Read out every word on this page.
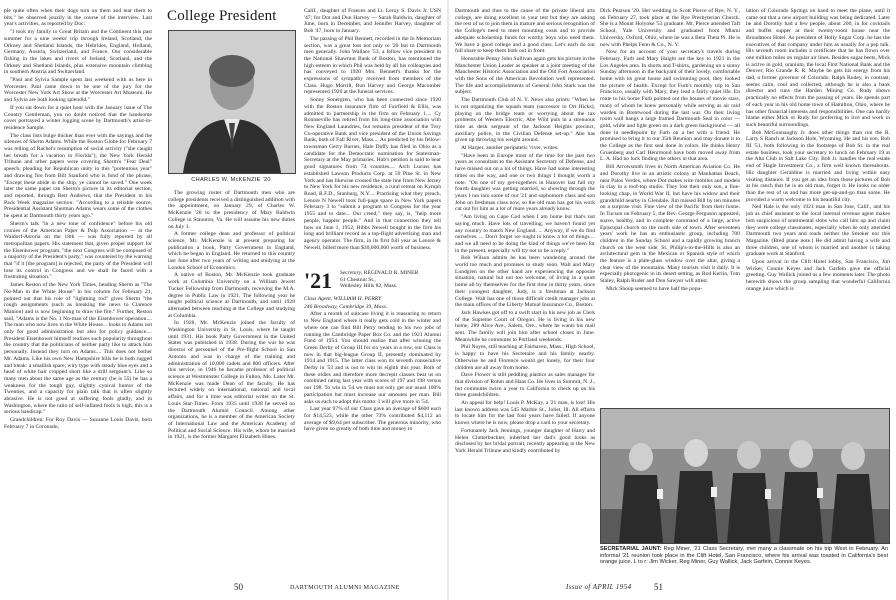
ple quite often when their dogs turn on them and tear them to bits," he observed jouzily in the course of the interview. Last year's activities, as reported by Doc:

"I took my family to Great Britain and the Continent this past summer for a nine weeks' trip through Ireland, Scotland, the Orkney and Shetland Islands, the Hebrides, England, Holland, Germany, Austria, Switzerland, and France. Our considerable fishing in the lakes and rivers of Ireland, Scotland, and the Orkney and Shetland Islands, plus extensive mountain climbing in southern Austria and Switzerland.

"Paul and Sylvia Sample spent last weekend with us here in Worcester. Paul came down to be one of the jury for the Worcester New York Art Show at the Worcester Art Museum. He and Sylvia are both looking splendid."

If you sat down for a quiet hour with the January issue of The Country Gentleman, you no doubt noticed that the handsome cover portrayed a winter logging scene by Dartmouth's artist-in-residence Sample.

The class lists bulge thicker than ever with the sayings and the silences of Sherm Adams. While the Boston Globe for February 7 was telling of Rachel's resumption of social activity ("she caught her breath for a vacation in Florida"), the New York Herald Tribune and other papers were covering Sherm's "Fear Deal" speech, pleading for Republican unity in this "portentous year" and drawing fire from Bill Stanford who is fond of the phrase, "Except these abide in the ship, ye cannot be saved." One week later the same paper ran Sherm's picture in its editorial section, and reported, through Bert Andrews, that the President in his Pack Week magazine section: "According to a reliable source, Presidential Assistant Sherman Adams wears some of the clothes he spent at Dartmouth thirty years ago."

Sherm's talk "in a new tone of confidence" before his old cronies of the American Paper & Pulp Association — at the Waldorf-Astoria on the 18th — was fully reported by all metropolitan papers. His statement that, given proper support for the Eisenhower program, "the next Congress will be composed of a majority of the President's party," was countered by the warning that "if it [the program] is rejected, the party of the President will lose its control in Congress and we shall be faced with a frustrating situation."

James Reston of the New York Times, heading Sherm as "The No-Man in the White House" in his column for February 21, pointed out that his role of "lightning rod" gives Sherm "the rough assignments (such as breaking the news to Clarence Manion) and is now beginning to draw the fire." Further, Reston said, "Adams is the No. 1 No-man of the Eisenhower operation.... The man who now lives in the White House... looks to Adams not only for good administration but also for policy guidance.... President Eisenhower himself realizes such popularity throughout the country that the politicians of neither party like to attack him personally. Instead they turn on Adams.... This does not bother Mr. Adams. Like his own New Hampshire hills he is both rugged and bleak: a smallish spare, wiry type with steady blue eyes and a head of white hair cropped short like a drill sergeant's. Like so many men about the same age as the century (he is 55) he has a weakness for the tough guy, slightly cynical humor of the Twenties, and a capacity for plain talk that is often slightly abrasive. He is not good at suffering fools gladly, and in Washington, where the ratio of self-inflated fools is high, this is a serious handicap."

Grandchildren: For Roy Davis — Suzanne Louis Davis, born February 7 in Coronado,

College President
CHARLES W. McKENZIE '20

The growing roster of Dartmouth men who are college presidents received a distinguished addition with the appointment, on January 29, of Charles W. McKenzie '20 to the presidency of Mary Baldwin College in Staunton, Va. He will assume his new duties on July 1.

A former college dean and professor of political science, Mr. McKenzie is at present preparing for publication a book, Party Government in England, which he began in England. He returned to this country last June after two years of writing and studying at the London School of Economics.

A native of Boston, Mr. McKenzie took graduate work at Columbia University on a William Jewett Tucker Fellowship from Dartmouth, receiving the M.A. degree in Public Law in 1921. The following year he taught political science at Dartmouth, and until 1928 alternated between teaching at the College and studying at Columbia.

In 1928, Mr. McKenzie joined the faculty of Washington University in St. Louis, where he taught until 1931. His book Party Government in the United States was published in 1938. During the war he was director of personnel of the Pre-flight School in San Antonio and was in charge of the training and administration of 10,000 cadets and 800 officers. After this service, in 1946 he became professor of political science at Westminster College in Fulton, Mo. Later Mr. McKenzie was made Dean of the faculty. He has lectured widely on international, national and local affairs, and for a time was editorial writer on the St. Louis Star-Times. From 1935 until 1938 he served on the Dartmouth Alumni Council. Among other organizations, he is a member of the American Society of International Law and the American Academy of Political and Social Science. His wife, whom he married in 1921, is the former Margaret Elizabeth Hines.

Calif., daughter of Frances and Lt. Leroy S. Davis Jr. USN '47; for Dot and Dun Harvey — Sarah Baldwin, daughter of June, born in December, and Jennifer Harvey, daughter of Bob '47, born in January.

The passing of Phil Bennett, recorded in the In Memoriam section, was a great loss not only to '20 but to Dartmouth men generally. John Wallace '53, a fellow vice president in the National Shawmut Bank of Boston, has mentioned the high esteem in which Phil was held by all his colleagues and has conveyed to 1920 Mrs. Bennett's thanks for the expressions of sympathy received from members of the Class. Hugo Morrill, Bun Harvey and George Macomber represented 1920 at the funeral services.

Sonny Sonergren, who has been connected since 1920 with the Boston insurance firm of Fairfield & Ellis, was admitted to partnership in the firm on February 1.... Cy Rounseville has retired from his long-time association with New England Laundries, but remains president of the Troy Co-operative Bank and vice president of the Union Savings Bank, both of Fall River, Mass.... As predicted by his fellow-townsman Gerry Barnes, Hale Duffy has filed in Ohio as a candidate for the Democratic nomination for Statesman-Secretary at the May primaries. Hub's petition is said to bear good signatures from 74 counties.... Arch Lucuss has established Lawson Products Corp. at 59 Pine St. in New York and has likewise crossed the state line from New Jersey to New York for his new residence, a rural retreat on Kymph Road, R.F.D., Stanburg, N.Y.... Practising what they preach, Lenore N Newell took full-page space in New York papers February 3 to "submit a program to Congress for the year 1955 and to date... Our creed," they say, is, "help more people, happier people." And in that connection they tell how on June 1, 1952, Hibbs Newell bought in the firm his long and brilliant record as a top-flight advertising man and agency operator. The firm, in its first full year as Lenore & Newell, billed more than $30,000,000 worth of business.

'21 Secretary, REGINALD R. MINER
61 Chestnut St.,
Wellesley Hills 82, Mass.

Class Agent, WILLIAM H. PERRY

246 Broadway, Cambridge 39, Mass.

After a month of suitcase living it is reassuring to return to New England where it really gets cold in the winter and where one can find Bill Perry tending to his two jobs of running the Cambridge Paper Box Co. and the 1921 Alumni Fund of 1954. You should realize that after winning the Green Derby of Group III for six years in a row, our Class is now in that big-league Group II, presently dominated by 1914 and 1915. The latter class won its seventh consecutive Derby in '53 and is out to win its eighth this year. Both of these oldies and therefore more decrepit classes beat us on combined rating last year with scores of 197 and 198 versus our 198. To win in '54 we must not only get our usual 100% participation but must increase our amounts per man. Bill asks us each to adopt this motto: I will give more in '54.

Last year 97% of our Class gave an average of $600 each for $14,523, while the other 73% contributed $4,112 an average of $9,64 per subscriber. The generous minority, who have given so greatly of both time and money to

50	DARTMOUTH ALUMNI MAGAZINE

Dartmouth and thus to the cause of the private liberal arts college, are doing excellent in your test but they are asking the rest of us to join them in mature and serious recognition of the College's need to meet mounting costs and to provide adequate scholarship funds for worthy boys who need them. We have a good college and a good class. Let's each do our full share to keep them both out in front.

Honorable Penny John Sullivan again gets his picture in the Manchester Union Leader as speaker at a joint meeting of the Manchester Historic Association and the Old Fort Association with the Sons of the American Revolution well represented. The life and accomplishments of General John Stark was the subject.

The Dartmouth Club of N. Y. News also prints: "When he is not organizing the squash team (successor to Ort Hicks), playing on the bridge team or worrying about the tax problems of Western Electric, Abe Wild puts in a strenuous time as desk sergeant of the Jackson Heights precinct, auxiliary police, in the Civilian Defense set-up." Abe has given up throwing his weight around.

Al Harper, another peripatetic 'river, writes:

"Have been in Europe most of the time for the past two years as consultant to the Assistant Secretary of Defense, and have missed out on a lot of things. Have had some interesting times on the way, and one or two things I thought worth a note. "On one of my get-togethers in Hanover last fall my fourth daughter was getting married, so showing through the years I ran into some of our '21 and sophomore class and son John on freshman class now, so the old man has got his work cut out for him as a lot of more years already know.

"Am living on Cape Cod when I am home but that's not saying much. Have lots of travelling, we haven't found yet any country to match New England. ... Anyway, if we do find ourselves. ... Don't forget we ought to know a lot of things.... and we all need to be doing the kind of things we've been for in the present, especially will try not to be a reply."

Bob Wilson admits he has been wandering around the world too much and promises to study soon. Walt and Mary Lundgren on the other hand are experiencing the opposite situation, natural but not too welcome, of living in a quiet home all by themselves for the first time in thirty years, since their youngest daughter, Judy, is a freshman at Jackson College. Walt has one of those difficult credit manager jobs at the main offices of the Liberty Mutual Insurance Co., Boston.

Jack Hawkes got off to a swift start in his new job as Clerk of the Supreme Court of Oregon. He is living in his new home, 289 Alice Ave., Salem, Ore., where he wants his mail sent. The family will join him after school closes in June. Meanwhile he commutes to Portland weekends.

Phil Noyes, still teaching at Fairhaven, Mass., High School, is happy to have his Secretaire and his family nearby. Otherwise he and Florence would get lonely, for their four children are all away from home.

Dave Flower is still peddling plastics as sales manager for that division of Rohm and Haas Co. He lives in Summit, N. J., but commutes twice a year to California to check up on his three grandchildren.

An appeal for help! Louis P. McKay, a '21 man, is lost! His last known address was 545 Marble St., Joliet, Ill. All efforts to locate him for the last four years have failed. If anyone knows where he is now, please drop a card to your secretary.

Fortunately Jack Jennings, younger daughter of Harry and Helen Clutterbuckter, inherited her dad's good looks as disclosed by her bridal portrait, recently appearing in the New York Herald Tribune and kindly contributed by

Dick Pearson '20. Her wedding to Scott Pierce of Rye, N. Y., on February 27, took place at the Rye Presbyterian Church. She is a Mount Holyoke '53 graduate. Mr. Pierce attended Taft School, Yale University and graduated from Miami University, Oxford, Ohio, where he was a Beta Theta Pi. He is now with Phelps Fenn & Co., N. Y.

Now for an account of your secretary's travels during February. Furb and Mary Haight are the key to 1921 in the Los Angeles area. In shorts and T-shirts, gardening on a sunny Sunday afternoon in the backyard of their lovely, comfortable home with its great house and swimming pool, they looked the picture of health. Except for Furb's monthly trip to San Francisco, usually with Mary, they lead a fairly quiet life. En route to his home Furb pointed out the houses of movie stars, many of whom he knew personally while serving as air raid warden in Brentwood during the last war. On their living room wall hangs a large framed Dartmouth Seal in color — gold, white and light green on a dark green background — all done in needlepoint by Furb on a bet with a friend. He promised to bring it to our 35th Reunion and may donate it to the College as the first seal done in colors. He thinks Henry Gruenberg and Carl Henrmond have both moved away from L. A. Had no luck finding the others in that area.

Bill Arrowsmith lives in North American Aviation Co. He and Dorothy live in an artistic colony at Manhattan Beach, near Palos Verdes, where Dot makes wire mobiles and models in clay in a roof-top studio. They lost their only son, a fine-looking chap, in World War II, but have his widow and their grandchild nearby in Glendale. Jim missed Bill by ten minutes on a surprise visit. Fine view of the Pacific from their home. In Tucson on February 5, the Rev. George Ferguson appeared, suave, healthy, and in complete command of a large, active Episcopal church on the north side of town. After seventeen years' work he has an enthusiastic group, including 700 children in the Sunday School and a rapidly growing branch church on the west side. St. Philip's-in-the-Hills is also an architectural gem in the Mexican or Spanish style of which the feature is a plate-glass window over the altar, giving a clear view of the mountains. Many tourists visit it daily. It is especially photogenic in its desert setting, as Rod Kerlin, Tom Staley, Ralph Ruder and Don Sawyer will attest.

Mick Shoup seemed to have half the popu-

lation of Colorado Springs on hand to meet the plane, until it came out that a new airport building was being dedicated. Later he and Dorothy had a few people, about 200, in for cocktails and buffet supper at their twenty-room house near the Broadmoor Hotel. As president of Holly Sugar Corp. he has the executives of that company under him as usually for a pep talk. His seventh room includes a certificate that he has flown over one million miles on regular air lines. Besides sugar beets, Mick is active in gold, uranium, the local First National Bank and the Denver, Rio Grande R. R. Maybe he gets his energy from his dad, a former governor of Colorado. Ralph Rudey, in contrast, seems calm, cool and collected, although he is also a bank director and runs the Harden Mining Co. Rudy shows practically no effects from the passing of years. He spends part of each year in his old home town of Hamilton, Ohio, where he has other financial interests and responsibilities. One can hardly blame either Mick or Rudy for preferring to live and work in such beautiful surroundings.

Bob McGonnaughy Jr. does other things than run the R. Larry S Ranch at Jackson Hole, Wyoming. He and his son, Bob III '51, both following in the footsteps of Bob Sr. in the real estate business, took your secretary to lunch on February 19 at the Alta Club in Salt Lake City. Bob Jr. handles the real estate end of Hagle Investment Co., a firm well known thereabouts. His daughter Geraldine is married and living within easy visiting distance. If you get an idea from those pictures of Bob at his ranch that he is an old man, forget it. He looks no older than the rest of us and has more get-up-and-go than some. He provided a warm welcome to his beautiful city.

Ned Hale is the only 1921 man in San Jose, Calif., and his job as chief assistant to the local internal revenue agent makes him suspicious of sentimental slobs who call him up and claim they were college classmates, especially when he only attended Dartmouth two years and reads neither the Smoker nor this Magazine. (Bred plane note.) He did admit having a wife and three children, one of whom is married and another is taking graduate work at Stanford.

Upon arrival in the Clift Hotel lobby, San Francisco, Jim Wicker, Connie Keyes and Jack Garfein gave me official greeting. Guy Wallick joined us a few moments later. The photo herewith shows the group sampling that wonderful California orange juice which is

SECRETARIAL JAUNT: Reg Miner, '21 Class Secretary, met many a classmate on his trip West in February. An informal '21 reunion took place in the Clift Hotel, San Francisco, where his arrival was toasted in California's best orange juice. L to r: Jim Wicker, Reg Miner, Guy Wallick, Jack Garfein, Connie Keyes.
Issue of APRIL 1954	51
